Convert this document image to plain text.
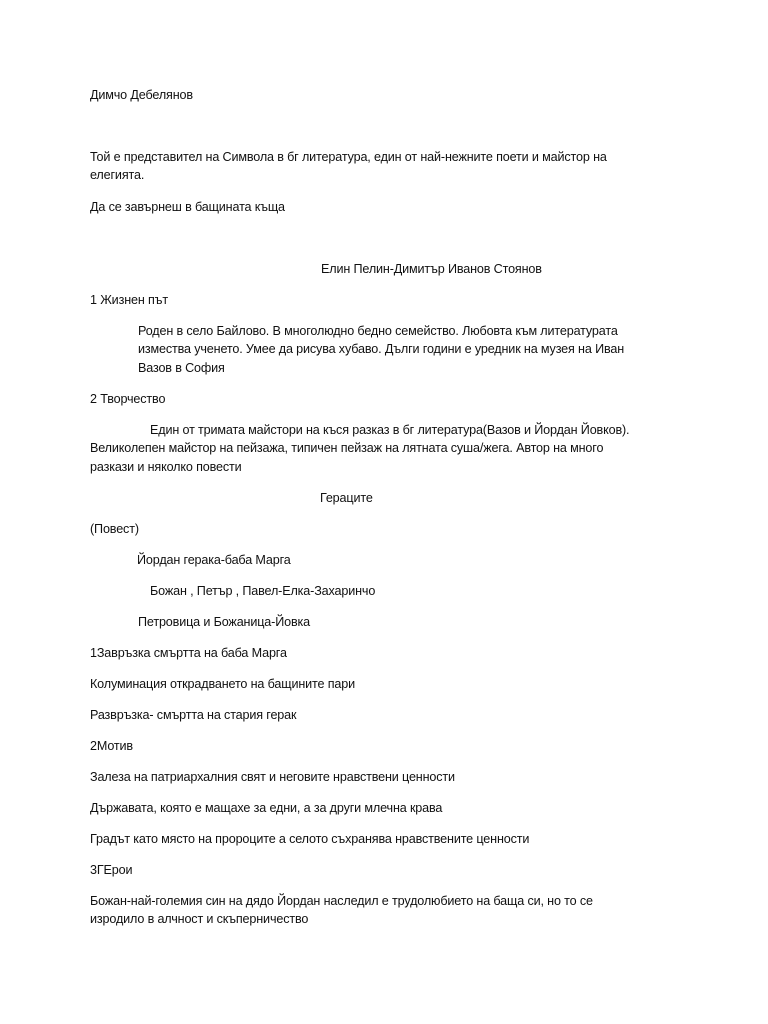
Димчо Дебелянов

Той е представител на Символа в бг литература, един от най-нежните поети и майстор на

елегията.

Да се завърнеш в бащината къща

Елин Пелин-Димитър Иванов Стоянов

1 Жизнен път

Роден в село Байлово. В многолюдно бедно семейство. Любовта към литературата

измества ученето. Умее да рисува хубаво. Дълги години е уредник на музея на Иван

Вазов в София

2 Творчество

Един от тримата майстори на къся разказ в бг литература(Вазов и Йордан Йовков).

Великолепен майстор на пейзажа, типичен пейзаж на лятната суша/жега. Автор на много

разкази и няколко повести

Гераците

(Повест)

Йордан герака-баба Марга

Божан , Петър , Павел-Елка-Захаринчо

Петровица и Божаница-Йовка

1Завръзка смъртта на баба Марга

Колуминация открадването на бащините пари

Развръзка- смъртта на стария герак

2Мотив

Залеза на патриархалния свят и неговите нравствени ценности

Държавата, която е мащахе за едни, а за други млечна крава

Градът като място на пророците а селото съхранява нравствените ценности

3ГЕрои

Божан-най-големия син на дядо Йордан наследил е трудолюбието на баща си, но то се

изродило в алчност и скъперничество
